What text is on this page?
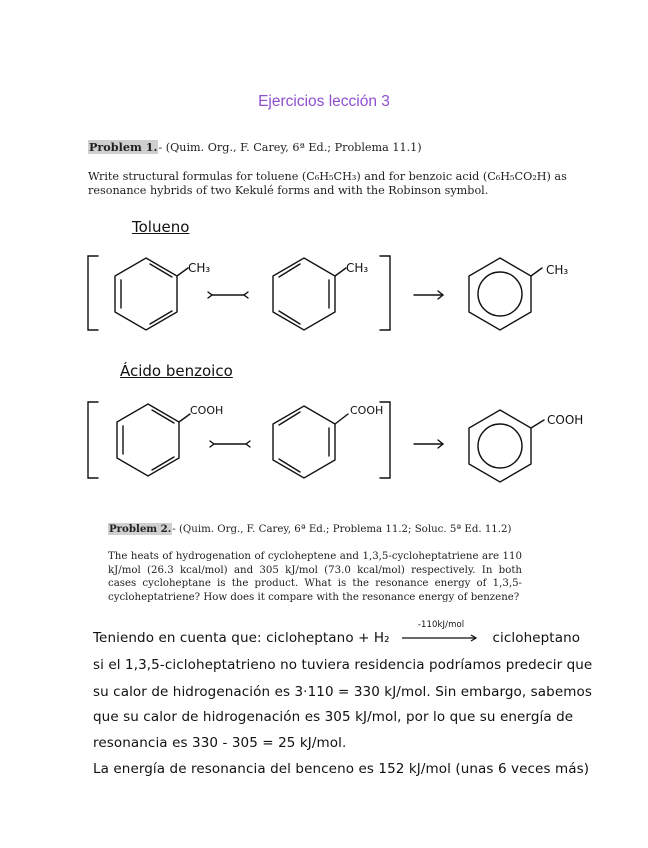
Ejercicios lección 3
Problem 1.- (Quim. Org., F. Carey, 6ª Ed.; Problema 11.1)
Write structural formulas for toluene (C₆H₅CH₃) and for benzoic acid (C₆H₅CO₂H) as
resonance hybrids of two Kekulé forms and with the Robinson symbol.
Tolueno
CH₃	CH₃	CH₃
Ácido benzoico
COOH	COOH
COOH
Problem 2.- (Quim. Org., F. Carey, 6ª Ed.; Problema 11.2; Soluc. 5ª Ed. 11.2)
The heats of hydrogenation of cycloheptene and 1,3,5-cycloheptatriene are 110 kJ/mol (26.3 kcal/mol) and 305 kJ/mol (73.0 kcal/mol) respectively. In both cases cycloheptane is the product. What is the resonance energy of 1,3,5-cycloheptatriene? How does it compare with the resonance energy of benzene?
Teniendo en cuenta que: cicloheptano + H₂
-110kJ/mol
cicloheptano
si el 1,3,5-cicloheptatrieno no tuviera residencia podríamos predecir que
su calor de hidrogenación es 3·110 = 330 kJ/mol. Sin embargo, sabemos
que su calor de hidrogenación es 305 kJ/mol, por lo que su energía de
resonancia es 330 - 305 = 25 kJ/mol.
La energía de resonancia del benceno es 152 kJ/mol (unas 6 veces más)
